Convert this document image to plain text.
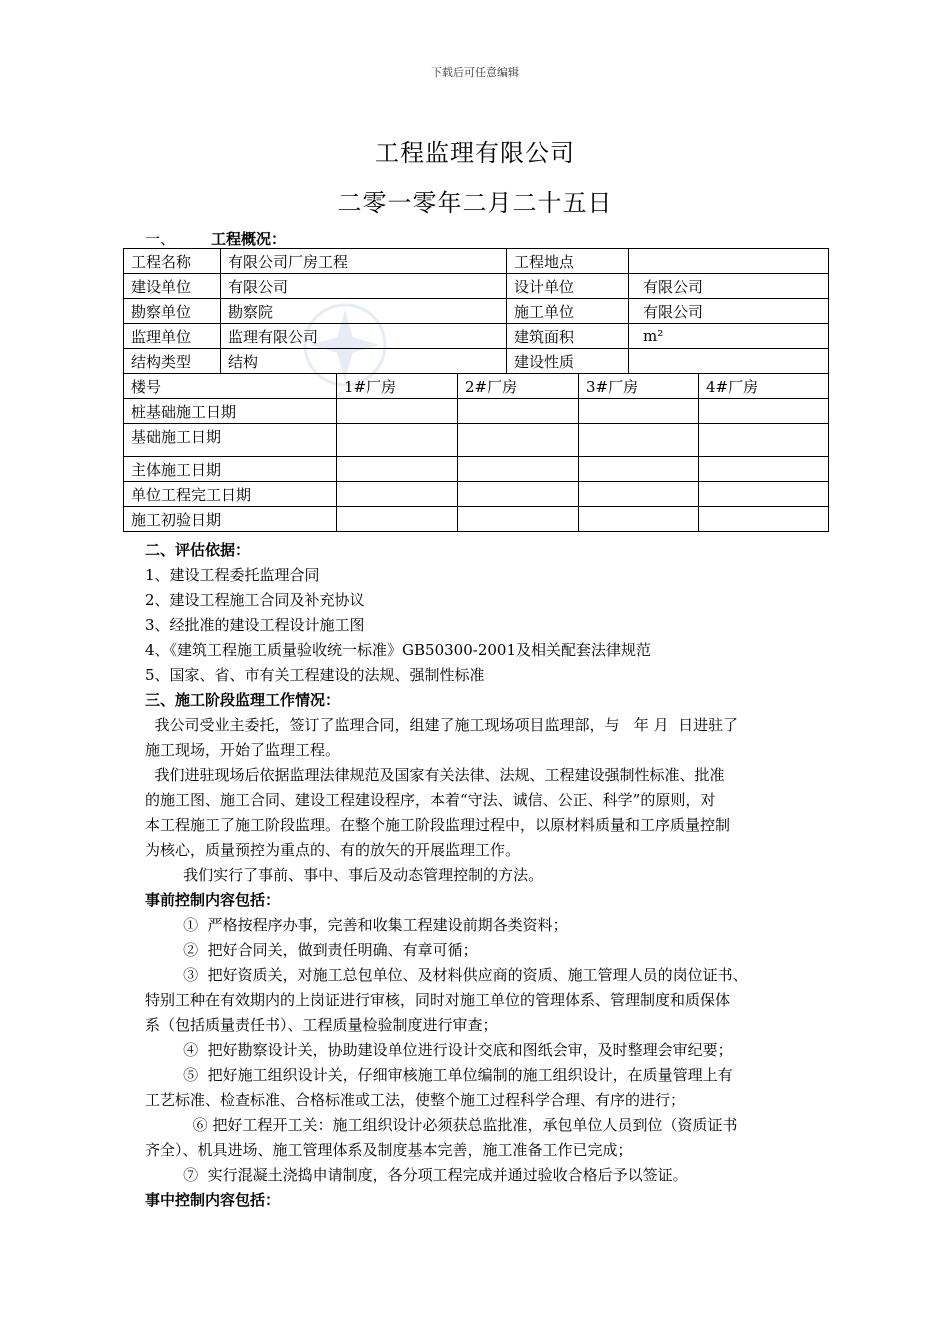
下载后可任意编辑
工程监理有限公司
二零一零年二月二十五日
一、 工程概况：
工程名称	有限公司厂房工程			工程地点			
建设单位	有限公司			设计单位		有限公司	
勘察单位	勘察院			施工单位		有限公司	
监理单位	监理有限公司			建筑面积		m²	
结构类型	结构			建设性质			
楼号		1#厂房	2#厂房		3#厂房		4#厂房
桩基础施工日期							
基础施工日期							
主体施工日期							
单位工程完工日期							
施工初验日期							
二、评估依据：
1、建设工程委托监理合同
2、建设工程施工合同及补充协议
3、经批准的建设工程设计施工图
4、《建筑工程施工质量验收统一标准》GB50300-2001及相关配套法律规范
5、国家、省、市有关工程建设的法规、强制性标准
三、施工阶段监理工作情况：
我公司受业主委托，签订了监理合同，组建了施工现场项目监理部，与   年 月  日进驻了
施工现场，开始了监理工程。
我们进驻现场后依据监理法律规范及国家有关法律、法规、工程建设强制性标准、批准
的施工图、施工合同、建设工程建设程序，本着“守法、诚信、公正、科学”的原则，对
本工程施工了施工阶段监理。在整个施工阶段监理过程中，以原材料质量和工序质量控制
为核心，质量预控为重点的、有的放矢的开展监理工作。
我们实行了事前、事中、事后及动态管理控制的方法。
事前控制内容包括：
①  严格按程序办事，完善和收集工程建设前期各类资料；
②  把好合同关，做到责任明确、有章可循；
③  把好资质关，对施工总包单位、及材料供应商的资质、施工管理人员的岗位证书、
特别工种在有效期内的上岗证进行审核，同时对施工单位的管理体系、管理制度和质保体
系（包括质量责任书）、工程质量检验制度进行审查；
④  把好勘察设计关，协助建设单位进行设计交底和图纸会审，及时整理会审纪要；
⑤  把好施工组织设计关，仔细审核施工单位编制的施工组织设计，在质量管理上有
工艺标准、检查标准、合格标准或工法，使整个施工过程科学合理、有序的进行；
⑥ 把好工程开工关：施工组织设计必须获总监批准，承包单位人员到位（资质证书
齐全）、机具进场、施工管理体系及制度基本完善，施工准备工作已完成；
⑦  实行混凝土浇捣申请制度，各分项工程完成并通过验收合格后予以签证。
事中控制内容包括：
